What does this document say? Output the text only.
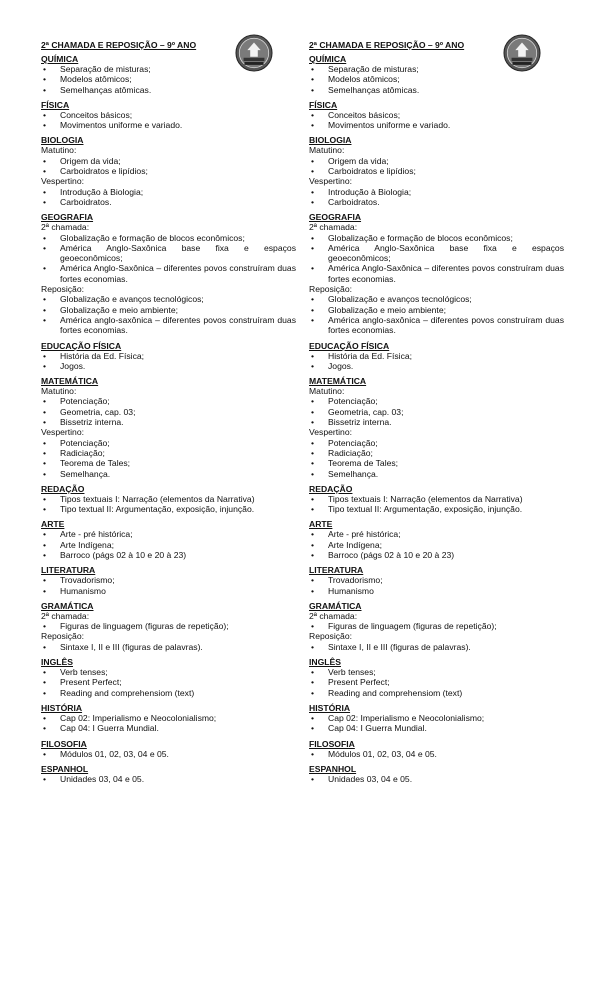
2ª CHAMADA E REPOSIÇÃO – 9º ANO
QUÍMICA
• Separação de misturas;
• Modelos atômicos;
• Semelhanças atômicas.
FÍSICA
• Conceitos básicos;
• Movimentos uniforme e variado.
BIOLOGIA
Matutino:
• Origem da vida;
• Carboidratos e lipídios;
Vespertino:
• Introdução à Biologia;
• Carboidratos.
GEOGRAFIA
2ª chamada:
• Globalização e formação de blocos econômicos;
• América Anglo-Saxônica base fixa e espaços geoeconômicos;
• América Anglo-Saxônica – diferentes povos construíram duas fortes economias.
Reposição:
• Globalização e avanços tecnológicos;
• Globalização e meio ambiente;
• América anglo-saxônica – diferentes povos construíram duas fortes economias.
EDUCAÇÃO FÍSICA
• História da Ed. Física;
• Jogos.
MATEMÁTICA
Matutino:
• Potenciação;
• Geometria, cap. 03;
• Bissetriz interna.
Vespertino:
• Potenciação;
• Radiciação;
• Teorema de Tales;
• Semelhança.
REDAÇÃO
• Tipos textuais I: Narração (elementos da Narrativa)
• Tipo textual II: Argumentação, exposição, injunção.
ARTE
• Arte - pré histórica;
• Arte Indígena;
• Barroco (págs 02 à 10 e 20 à 23)
LITERATURA
• Trovadorismo;
• Humanismo
GRAMÁTICA
2ª chamada:
• Figuras de linguagem (figuras de repetição);
Reposição:
• Sintaxe I, II e III (figuras de palavras).
INGLÊS
• Verb tenses;
• Present Perfect;
• Reading and comprehensiom (text)
HISTÓRIA
• Cap 02: Imperialismo e Neocolonialismo;
• Cap 04: I Guerra Mundial.
FILOSOFIA
• Módulos 01, 02, 03, 04 e 05.
ESPANHOL
• Unidades 03, 04 e 05.
2ª CHAMADA E REPOSIÇÃO – 9º ANO
QUÍMICA
• Separação de misturas;
• Modelos atômicos;
• Semelhanças atômicas.
FÍSICA
• Conceitos básicos;
• Movimentos uniforme e variado.
BIOLOGIA
Matutino:
• Origem da vida;
• Carboidratos e lipídios;
Vespertino:
• Introdução à Biologia;
• Carboidratos.
GEOGRAFIA
2ª chamada:
• Globalização e formação de blocos econômicos;
• América Anglo-Saxônica base fixa e espaços geoeconômicos;
• América Anglo-Saxônica – diferentes povos construíram duas fortes economias.
Reposição:
• Globalização e avanços tecnológicos;
• Globalização e meio ambiente;
• América anglo-saxônica – diferentes povos construíram duas fortes economias.
EDUCAÇÃO FÍSICA
• História da Ed. Física;
• Jogos.
MATEMÁTICA
Matutino:
• Potenciação;
• Geometria, cap. 03;
• Bissetriz interna.
Vespertino:
• Potenciação;
• Radiciação;
• Teorema de Tales;
• Semelhança.
REDAÇÃO
• Tipos textuais I: Narração (elementos da Narrativa)
• Tipo textual II: Argumentação, exposição, injunção.
ARTE
• Arte - pré histórica;
• Arte Indígena;
• Barroco (págs 02 à 10 e 20 à 23)
LITERATURA
• Trovadorismo;
• Humanismo
GRAMÁTICA
2ª chamada:
• Figuras de linguagem (figuras de repetição);
Reposição:
• Sintaxe I, II e III (figuras de palavras).
INGLÊS
• Verb tenses;
• Present Perfect;
• Reading and comprehensiom (text)
HISTÓRIA
• Cap 02: Imperialismo e Neocolonialismo;
• Cap 04: I Guerra Mundial.
FILOSOFIA
• Módulos 01, 02, 03, 04 e 05.
ESPANHOL
• Unidades 03, 04 e 05.
